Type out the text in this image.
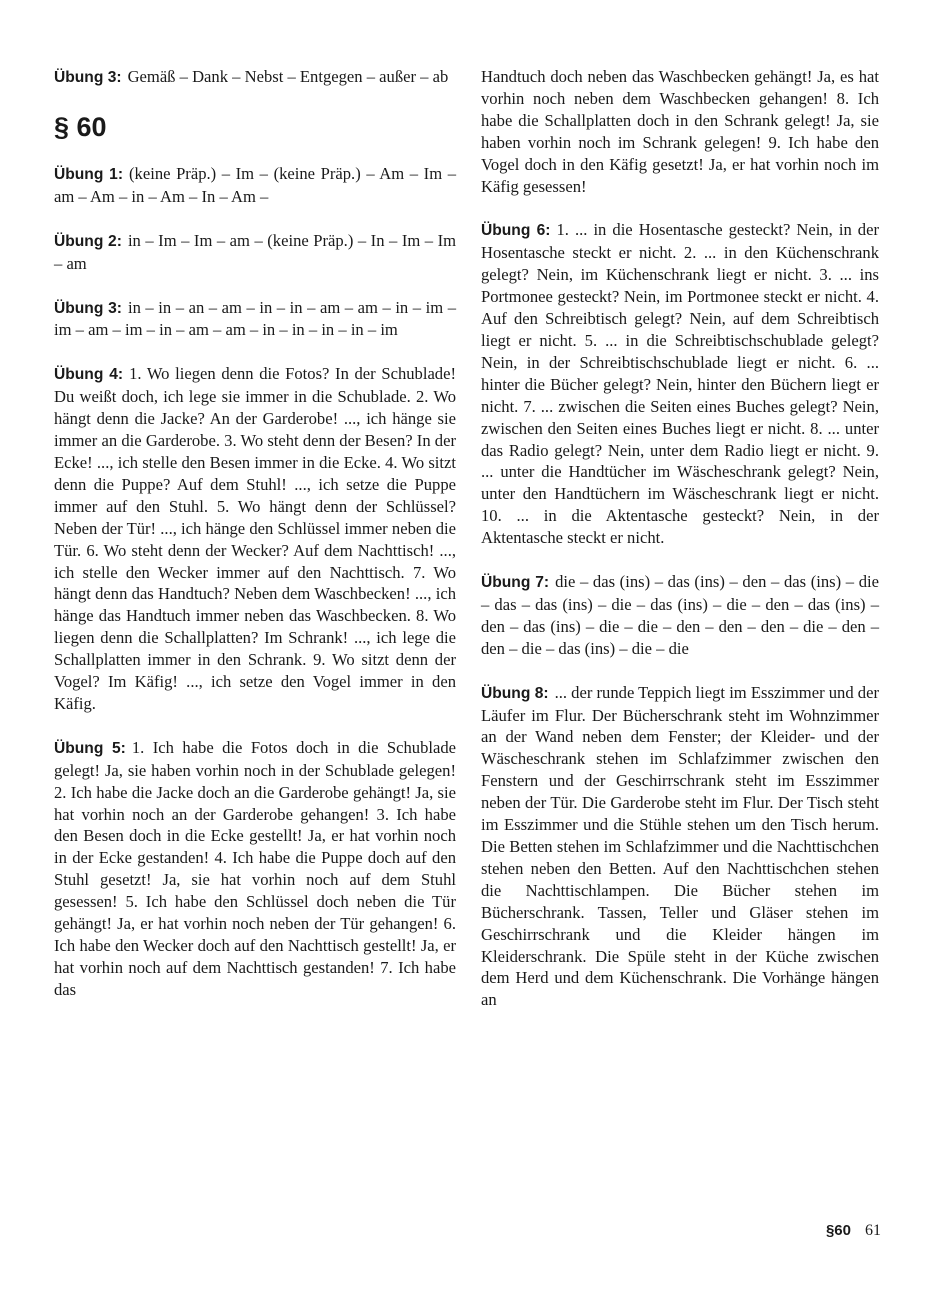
Übung 3: Gemäß – Dank – Nebst – Entgegen – außer – ab

§ 60

Übung 1: (keine Präp.) – Im – (keine Präp.) – Am – Im – am – Am – in – Am – In – Am –

Übung 2: in – Im – Im – am – (keine Präp.) – In – Im – Im – am

Übung 3: in – in – an – am – in – in – am – am – in – im – im – am – im – in – am – am – in – in – in – in – im

Übung 4: 1. Wo liegen denn die Fotos? In der Schublade! Du weißt doch, ich lege sie immer in die Schublade. 2. Wo hängt denn die Jacke? An der Garderobe! ..., ich hänge sie immer an die Garderobe. 3. Wo steht denn der Besen? In der Ecke! ..., ich stelle den Besen immer in die Ecke. 4. Wo sitzt denn die Puppe? Auf dem Stuhl! ..., ich setze die Puppe immer auf den Stuhl. 5. Wo hängt denn der Schlüssel? Neben der Tür! ..., ich hänge den Schlüssel immer neben die Tür. 6. Wo steht denn der Wecker? Auf dem Nachttisch! ..., ich stelle den Wecker immer auf den Nachttisch. 7. Wo hängt denn das Handtuch? Neben dem Waschbecken! ..., ich hänge das Handtuch immer neben das Waschbecken. 8. Wo liegen denn die Schallplatten? Im Schrank! ..., ich lege die Schallplatten immer in den Schrank. 9. Wo sitzt denn der Vogel? Im Käfig! ..., ich setze den Vogel immer in den Käfig.

Übung 5: 1. Ich habe die Fotos doch in die Schublade gelegt! Ja, sie haben vorhin noch in der Schublade gelegen! 2. Ich habe die Jacke doch an die Garderobe gehängt! Ja, sie hat vorhin noch an der Garderobe gehangen! 3. Ich habe den Besen doch in die Ecke gestellt! Ja, er hat vorhin noch in der Ecke gestanden! 4. Ich habe die Puppe doch auf den Stuhl gesetzt! Ja, sie hat vorhin noch auf dem Stuhl gesessen! 5. Ich habe den Schlüssel doch neben die Tür gehängt! Ja, er hat vorhin noch neben der Tür gehangen! 6. Ich habe den Wecker doch auf den Nachttisch gestellt! Ja, er hat vorhin noch auf dem Nachttisch gestanden! 7. Ich habe das

Handtuch doch neben das Waschbecken gehängt! Ja, es hat vorhin noch neben dem Waschbecken gehangen! 8. Ich habe die Schallplatten doch in den Schrank gelegt! Ja, sie haben vorhin noch im Schrank gelegen! 9. Ich habe den Vogel doch in den Käfig gesetzt! Ja, er hat vorhin noch im Käfig gesessen!

Übung 6: 1. ... in die Hosentasche gesteckt? Nein, in der Hosentasche steckt er nicht. 2. ... in den Küchenschrank gelegt? Nein, im Küchenschrank liegt er nicht. 3. ... ins Portmonee gesteckt? Nein, im Portmonee steckt er nicht. 4. Auf den Schreibtisch gelegt? Nein, auf dem Schreibtisch liegt er nicht. 5. ... in die Schreibtischschublade gelegt? Nein, in der Schreibtischschublade liegt er nicht. 6. ... hinter die Bücher gelegt? Nein, hinter den Büchern liegt er nicht. 7. ... zwischen die Seiten eines Buches gelegt? Nein, zwischen den Seiten eines Buches liegt er nicht. 8. ... unter das Radio gelegt? Nein, unter dem Radio liegt er nicht. 9. ... unter die Handtücher im Wäscheschrank gelegt? Nein, unter den Handtüchern im Wäscheschrank liegt er nicht. 10. ... in die Aktentasche gesteckt? Nein, in der Aktentasche steckt er nicht.

Übung 7: die – das (ins) – das (ins) – den – das (ins) – die – das – das (ins) – die – das (ins) – die – den – das (ins) – den – das (ins) – die – die – den – den – den – die – den – den – die – das (ins) – die – die

Übung 8: ... der runde Teppich liegt im Esszimmer und der Läufer im Flur. Der Bücherschrank steht im Wohnzimmer an der Wand neben dem Fenster; der Kleider- und der Wäscheschrank stehen im Schlafzimmer zwischen den Fenstern und der Geschirrschrank steht im Esszimmer neben der Tür. Die Garderobe steht im Flur. Der Tisch steht im Esszimmer und die Stühle stehen um den Tisch herum. Die Betten stehen im Schlafzimmer und die Nachttischchen stehen neben den Betten. Auf den Nachttischchen stehen die Nachttischlampen. Die Bücher stehen im Bücherschrank. Tassen, Teller und Gläser stehen im Geschirrschrank und die Kleider hängen im Kleiderschrank. Die Spüle steht in der Küche zwischen dem Herd und dem Küchenschrank. Die Vorhänge hängen an

§60 61
